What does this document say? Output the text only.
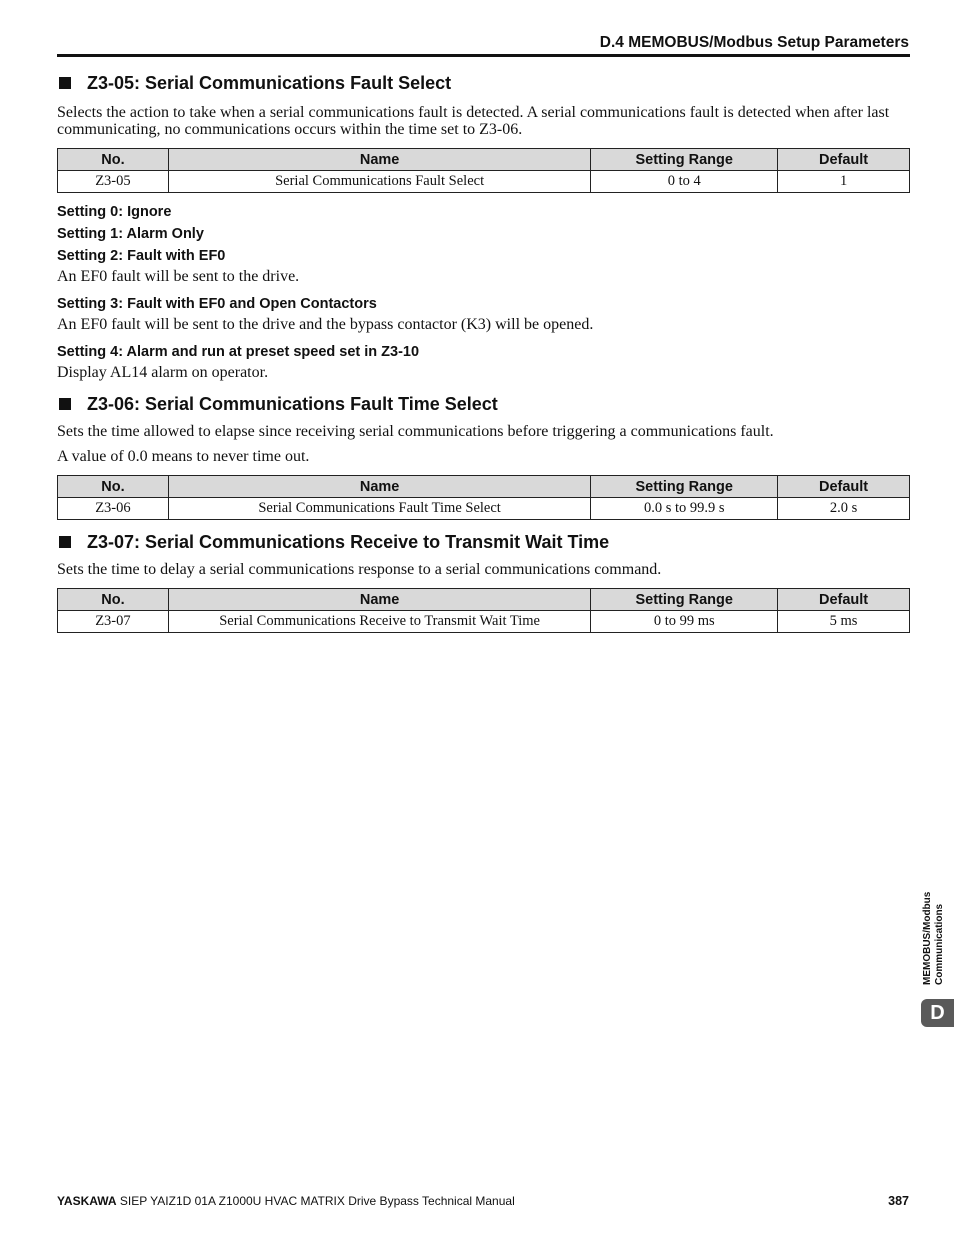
D.4 MEMOBUS/Modbus Setup Parameters
Z3-05: Serial Communications Fault Select

Selects the action to take when a serial communications fault is detected. A serial communications fault is detected when after last communicating, no communications occurs within the time set to Z3-06.

No.	Name	Setting Range	Default
Z3-05	Serial Communications Fault Select	0 to 4	1
Setting 0: Ignore
Setting 1: Alarm Only
Setting 2: Fault with EF0

An EF0 fault will be sent to the drive.

Setting 3: Fault with EF0 and Open Contactors

An EF0 fault will be sent to the drive and the bypass contactor (K3) will be opened.

Setting 4: Alarm and run at preset speed set in Z3-10

Display AL14 alarm on operator.

Z3-06: Serial Communications Fault Time Select

Sets the time allowed to elapse since receiving serial communications before triggering a communications fault.

A value of 0.0 means to never time out.

No.	Name	Setting Range	Default
Z3-06	Serial Communications Fault Time Select	0.0 s to 99.9 s	2.0 s
Z3-07: Serial Communications Receive to Transmit Wait Time

Sets the time to delay a serial communications response to a serial communications command.

No.	Name	Setting Range	Default
Z3-07	Serial Communications Receive to Transmit Wait Time	0 to 99 ms	5 ms
MEMOBUS/Modbus Communications
D
YASKAWA SIEP YAIZ1D 01A Z1000U HVAC MATRIX Drive Bypass Technical Manual	387
